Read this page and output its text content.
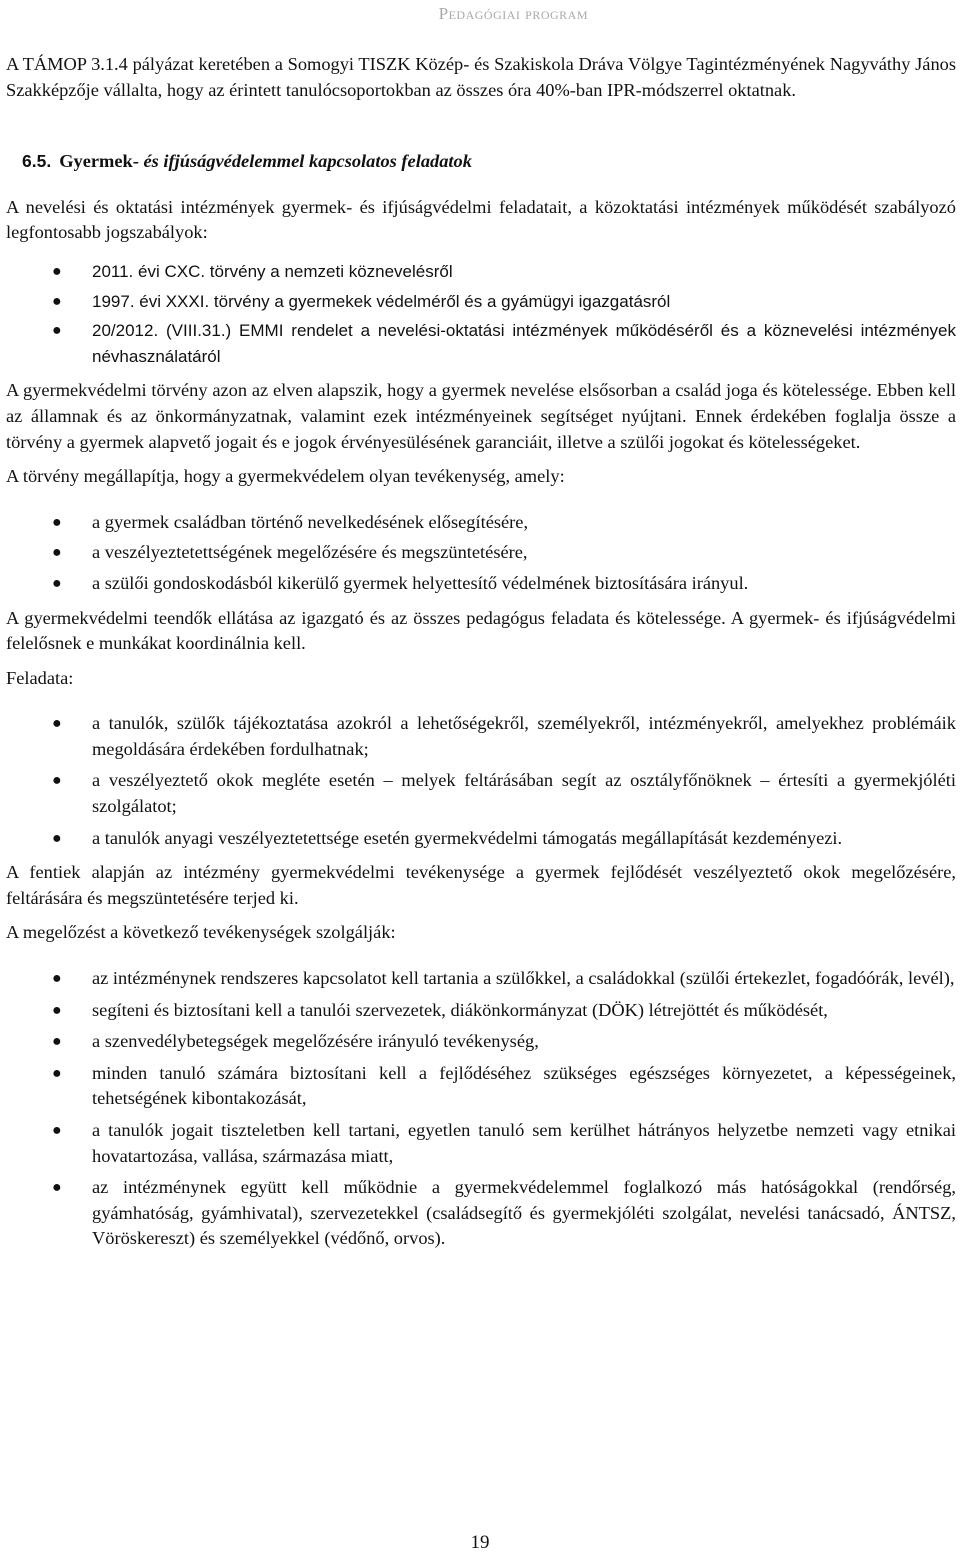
Pedagógiai program

A TÁMOP 3.1.4 pályázat keretében a Somogyi TISZK Közép- és Szakiskola Dráva Völgye Tagintézményének Nagyváthy János Szakképzője vállalta, hogy az érintett tanulócsoportokban az összes óra 40%-ban IPR-módszerrel oktatnak.

6.5. Gyermek- és ifjúságvédelemmel kapcsolatos feladatok

A nevelési és oktatási intézmények gyermek- és ifjúságvédelmi feladatait, a közoktatási intézmények működését szabályozó legfontosabb jogszabályok:

● 2011. évi CXC. törvény a nemzeti köznevelésről
● 1997. évi XXXI. törvény a gyermekek védelméről és a gyámügyi igazgatásról
● 20/2012. (VIII.31.) EMMI rendelet a nevelési-oktatási intézmények működéséről és a köznevelési intézmények névhasználatáról

A gyermekvédelmi törvény azon az elven alapszik, hogy a gyermek nevelése elsősorban a család joga és kötelessége. Ebben kell az államnak és az önkormányzatnak, valamint ezek intézményeinek segítséget nyújtani. Ennek érdekében foglalja össze a törvény a gyermek alapvető jogait és e jogok érvényesülésének garanciáit, illetve a szülői jogokat és kötelességeket.

A törvény megállapítja, hogy a gyermekvédelem olyan tevékenység, amely:

● a gyermek családban történő nevelkedésének elősegítésére,
● a veszélyeztetettségének megelőzésére és megszüntetésére,
● a szülői gondoskodásból kikerülő gyermek helyettesítő védelmének biztosítására irányul.

A gyermekvédelmi teendők ellátása az igazgató és az összes pedagógus feladata és kötelessége. A gyermek- és ifjúságvédelmi felelősnek e munkákat koordinálnia kell.

Feladata:

● a tanulók, szülők tájékoztatása azokról a lehetőségekről, személyekről, intézményekről, amelyekhez problémáik megoldására érdekében fordulhatnak;
● a veszélyeztető okok megléte esetén – melyek feltárásában segít az osztályfőnöknek – értesíti a gyermekjóléti szolgálatot;
● a tanulók anyagi veszélyeztetettsége esetén gyermekvédelmi támogatás megállapítását kezdeményezi.

A fentiek alapján az intézmény gyermekvédelmi tevékenysége a gyermek fejlődését veszélyeztető okok megelőzésére, feltárására és megszüntetésére terjed ki.

A megelőzést a következő tevékenységek szolgálják:

● az intézménynek rendszeres kapcsolatot kell tartania a szülőkkel, a családokkal (szülői értekezlet, fogadóórák, levél),
● segíteni és biztosítani kell a tanulói szervezetek, diákönkormányzat (DÖK) létrejöttét és működését,
● a szenvedélybetegségek megelőzésére irányuló tevékenység,
● minden tanuló számára biztosítani kell a fejlődéséhez szükséges egészséges környezetet, a képességeinek, tehetségének kibontakozását,
● a tanulók jogait tiszteletben kell tartani, egyetlen tanuló sem kerülhet hátrányos helyzetbe nemzeti vagy etnikai hovatartozása, vallása, származása miatt,
● az intézménynek együtt kell működnie a gyermekvédelemmel foglalkozó más hatóságokkal (rendőrség, gyámhatóság, gyámhivatal), szervezetekkel (családsegítő és gyermekjóléti szolgálat, nevelési tanácsadó, ÁNTSZ, Vöröskereszt) és személyekkel (védőnő, orvos).
19
